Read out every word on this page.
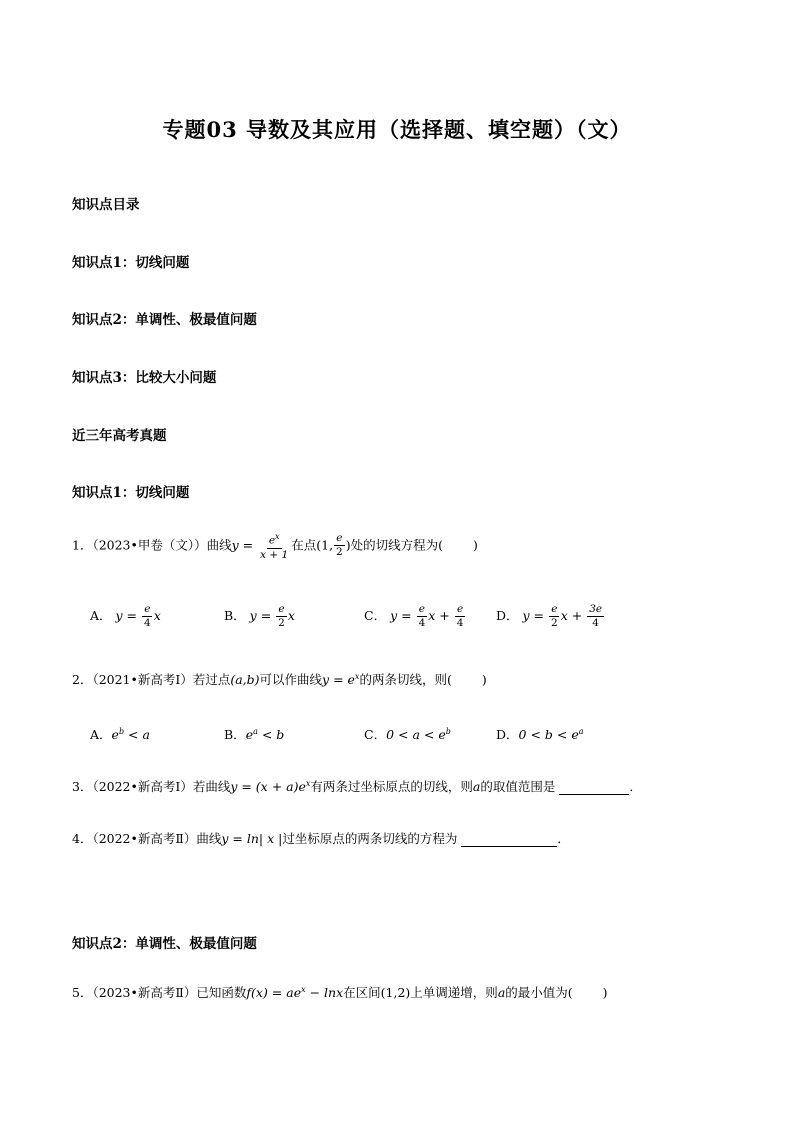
专题03 导数及其应用（选择题、填空题）（文）
知识点目录
知识点1：切线问题
知识点2：单调性、极最值问题
知识点3：比较大小问题
近三年高考真题
知识点1：切线问题
1．（2023•甲卷（文））曲线$y = \frac{e^x}{x + 1}$ 在点(1, $\frac{e}{2}$ )处的切线方程为( )
A． $y = \frac{e}{4}$ x	B． $y = \frac{e}{2}$ x	C． $y = \frac{e}{4}$ $x + \frac{e}{4}$ D． $y = \frac{e}{2}$ $x + \frac{3e}{4}$
2．（2021•新高考Ⅰ）若过点(a,b)可以作曲线$y = e^x$的两条切线，则( )
A．$e^b < a$	B．$e^a < b$	C．$0 < a < e^b$	D．$0 < b < e^a$
3．（2022•新高考Ⅰ）若曲线$y = (x + a)e^x$有两条过坐标原点的切线，则a的取值范围是	．
4．（2022•新高考Ⅱ）曲线y = ln| x |过坐标原点的两条切线的方程为	．
知识点2：单调性、极最值问题
5．（2023•新高考Ⅱ）已知函数$f(x) = ae^x - \ln x$在区间(1,2)上单调递增，则a的最小值为( )
